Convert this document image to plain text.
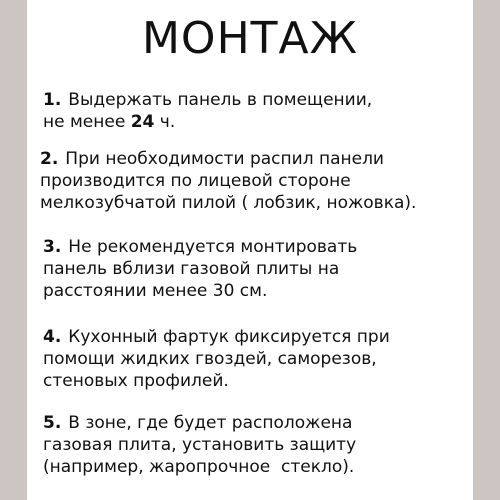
МОНТАЖ
1. Выдержать панель в помещении,
не менее 24 ч.
2. При необходимости распил панели
производится по лицевой стороне
мелкозубчатой пилой ( лобзик, ножовка).
3. Не рекомендуется монтировать
панель вблизи газовой плиты на
расстоянии менее 30 см.
4. Кухонный фартук фиксируется при
помощи жидких гвоздей, саморезов,
стеновых профилей.
5. В зоне, где будет расположена
газовая плита, установить защиту
(например, жаропрочное  стекло).
